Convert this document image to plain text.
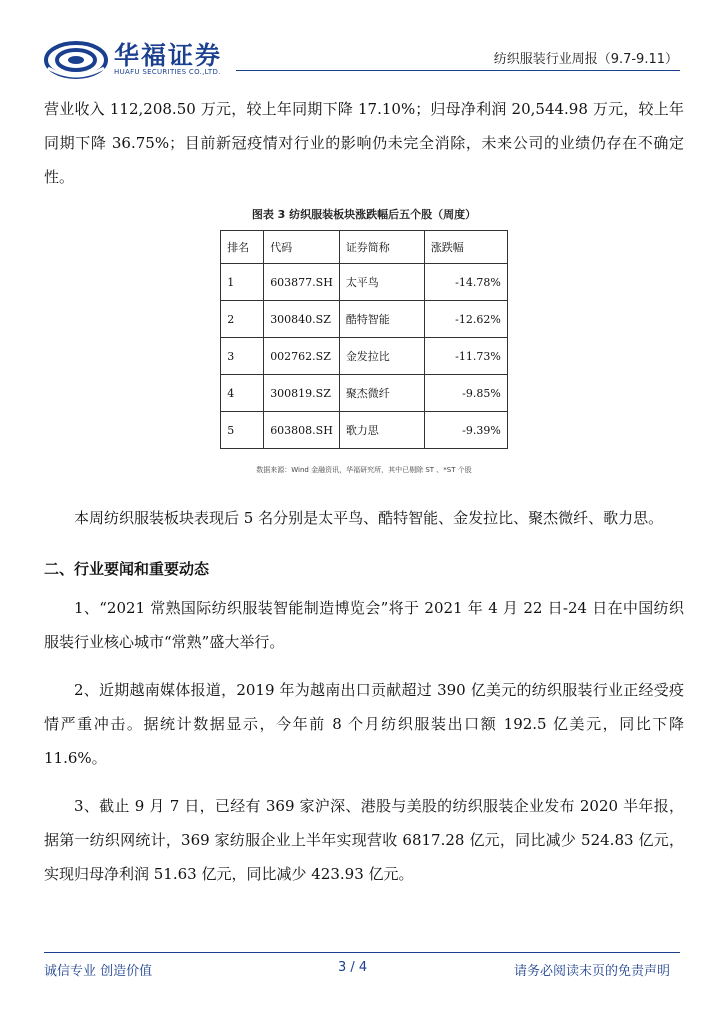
华福证券
HUAFU SECURITIES CO.,LTD.
纺织服装行业周报（9.7-9.11）

营业收入 112,208.50 万元，较上年同期下降 17.10%；归母净利润 20,544.98 万元，较上年同期下降 36.75%；目前新冠疫情对行业的影响仍未完全消除，未来公司的业绩仍存在不确定性。

图表 3 纺织服装板块涨跌幅后五个股（周度）
排名	代码	证券简称	涨跌幅
1	603877.SH	太平鸟	-14.78%
2	300840.SZ	酷特智能	-12.62%
3	002762.SZ	金发拉比	-11.73%
4	300819.SZ	聚杰微纤	-9.85%
5	603808.SH	歌力思	-9.39%
数据来源：Wind 金融资讯，华福研究所，其中已剔除 ST 、*ST 个股

本周纺织服装板块表现后 5 名分别是太平鸟、酷特智能、金发拉比、聚杰微纤、歌力思。

二、行业要闻和重要动态

1、“2021 常熟国际纺织服装智能制造博览会”将于 2021 年 4 月 22 日-24 日在中国纺织服装行业核心城市“常熟”盛大举行。

2、近期越南媒体报道，2019 年为越南出口贡献超过 390 亿美元的纺织服装行业正经受疫情严重冲击。据统计数据显示，今年前 8 个月纺织服装出口额 192.5 亿美元，同比下降 11.6%。

3、截止 9 月 7 日，已经有 369 家沪深、港股与美股的纺织服装企业发布 2020 半年报，据第一纺织网统计，369 家纺服企业上半年实现营收 6817.28 亿元，同比减少 524.83 亿元，实现归母净利润 51.63 亿元，同比减少 423.93 亿元。

诚信专业 创造价值	3 / 4	请务必阅读末页的免责声明
